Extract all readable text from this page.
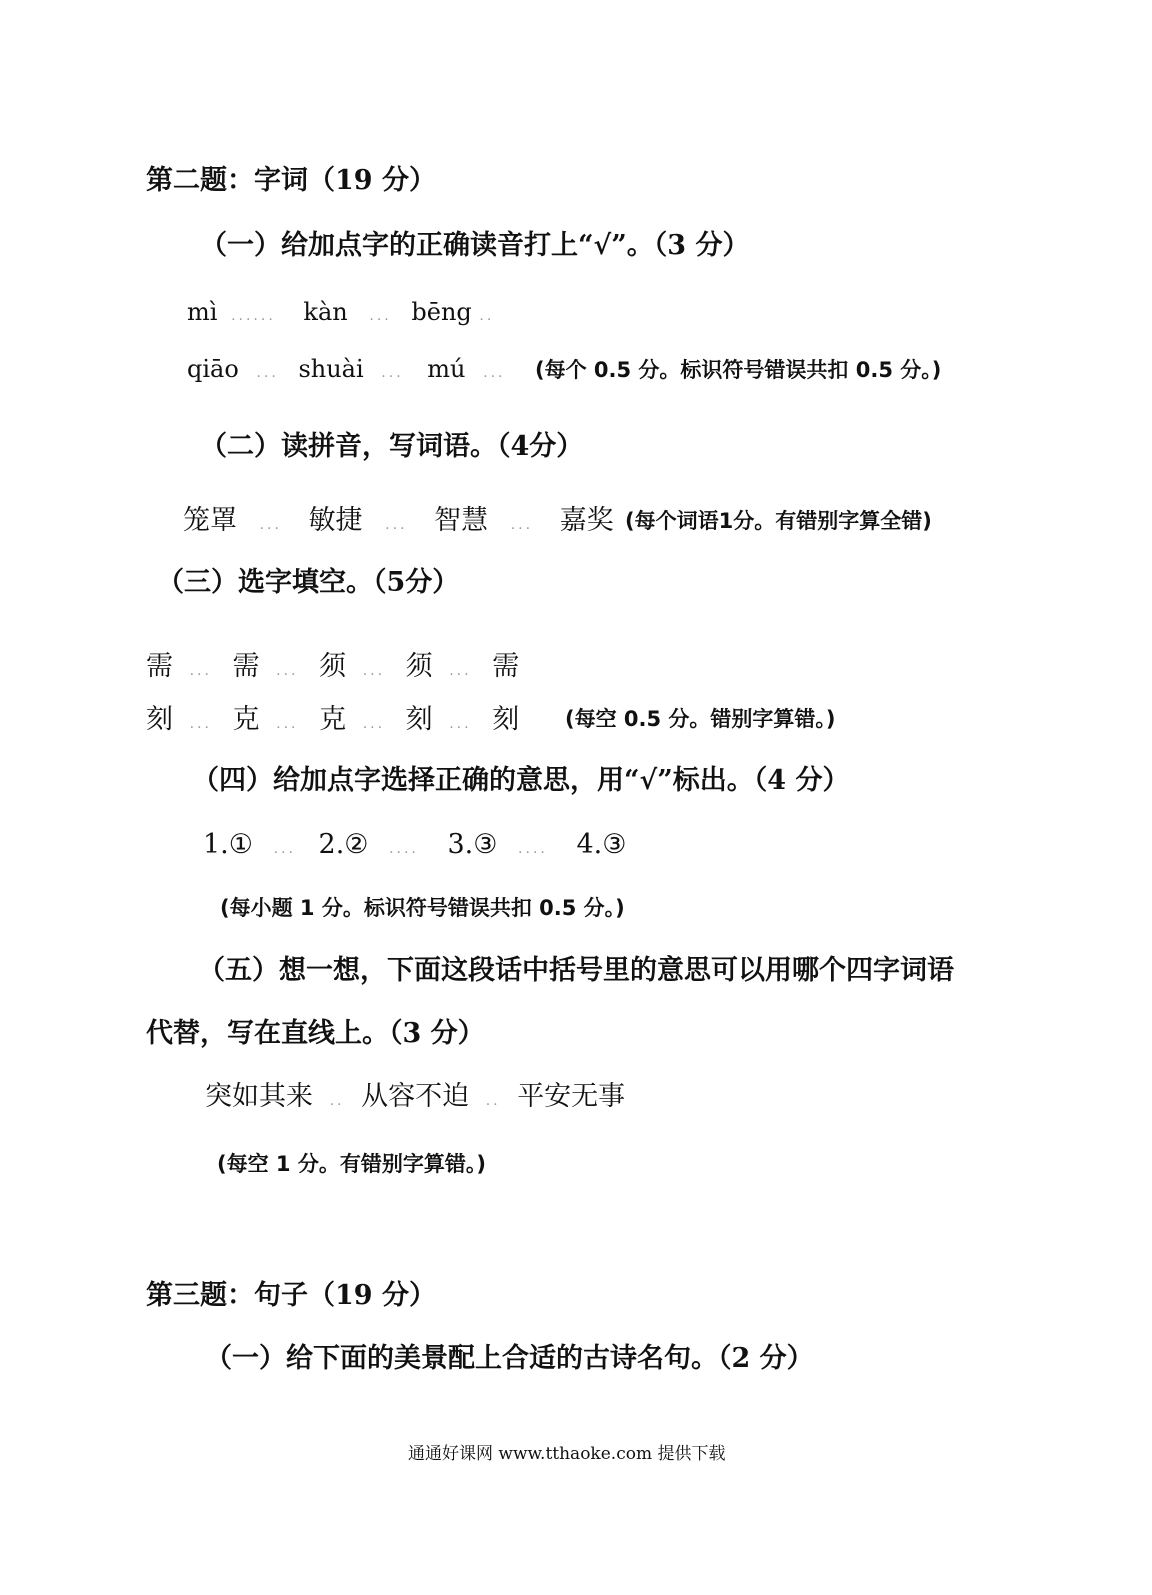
第二题：字词（19 分）
（一）给加点字的正确读音打上“√”。（3 分）
mì ...... kàn ... bēng ..
qiāo ... shuài ... mú ... (每个 0.5 分。标识符号错误共扣 0.5 分。)
（二）读拼音，写词语。（4分）
笼罩 ... 敏捷 ... 智慧 ... 嘉奖 (每个词语1分。有错别字算全错)
（三）选字填空。（5分）
需 ... 需 ... 须 ... 须 ... 需
刻 ... 克 ... 克 ... 刻 ... 刻 (每空 0.5 分。错别字算错。)
（四）给加点字选择正确的意思，用“√”标出。（4 分）
1.① ... 2.② .... 3.③ .... 4.③
(每小题 1 分。标识符号错误共扣 0.5 分。)
（五）想一想，下面这段话中括号里的意思可以用哪个四字词语
代替，写在直线上。（3 分）
突如其来 .. 从容不迫 .. 平安无事
(每空 1 分。有错别字算错。)
第三题：句子（19 分）
（一）给下面的美景配上合适的古诗名句。（2 分）
通通好课网 www.tthaoke.com 提供下载
